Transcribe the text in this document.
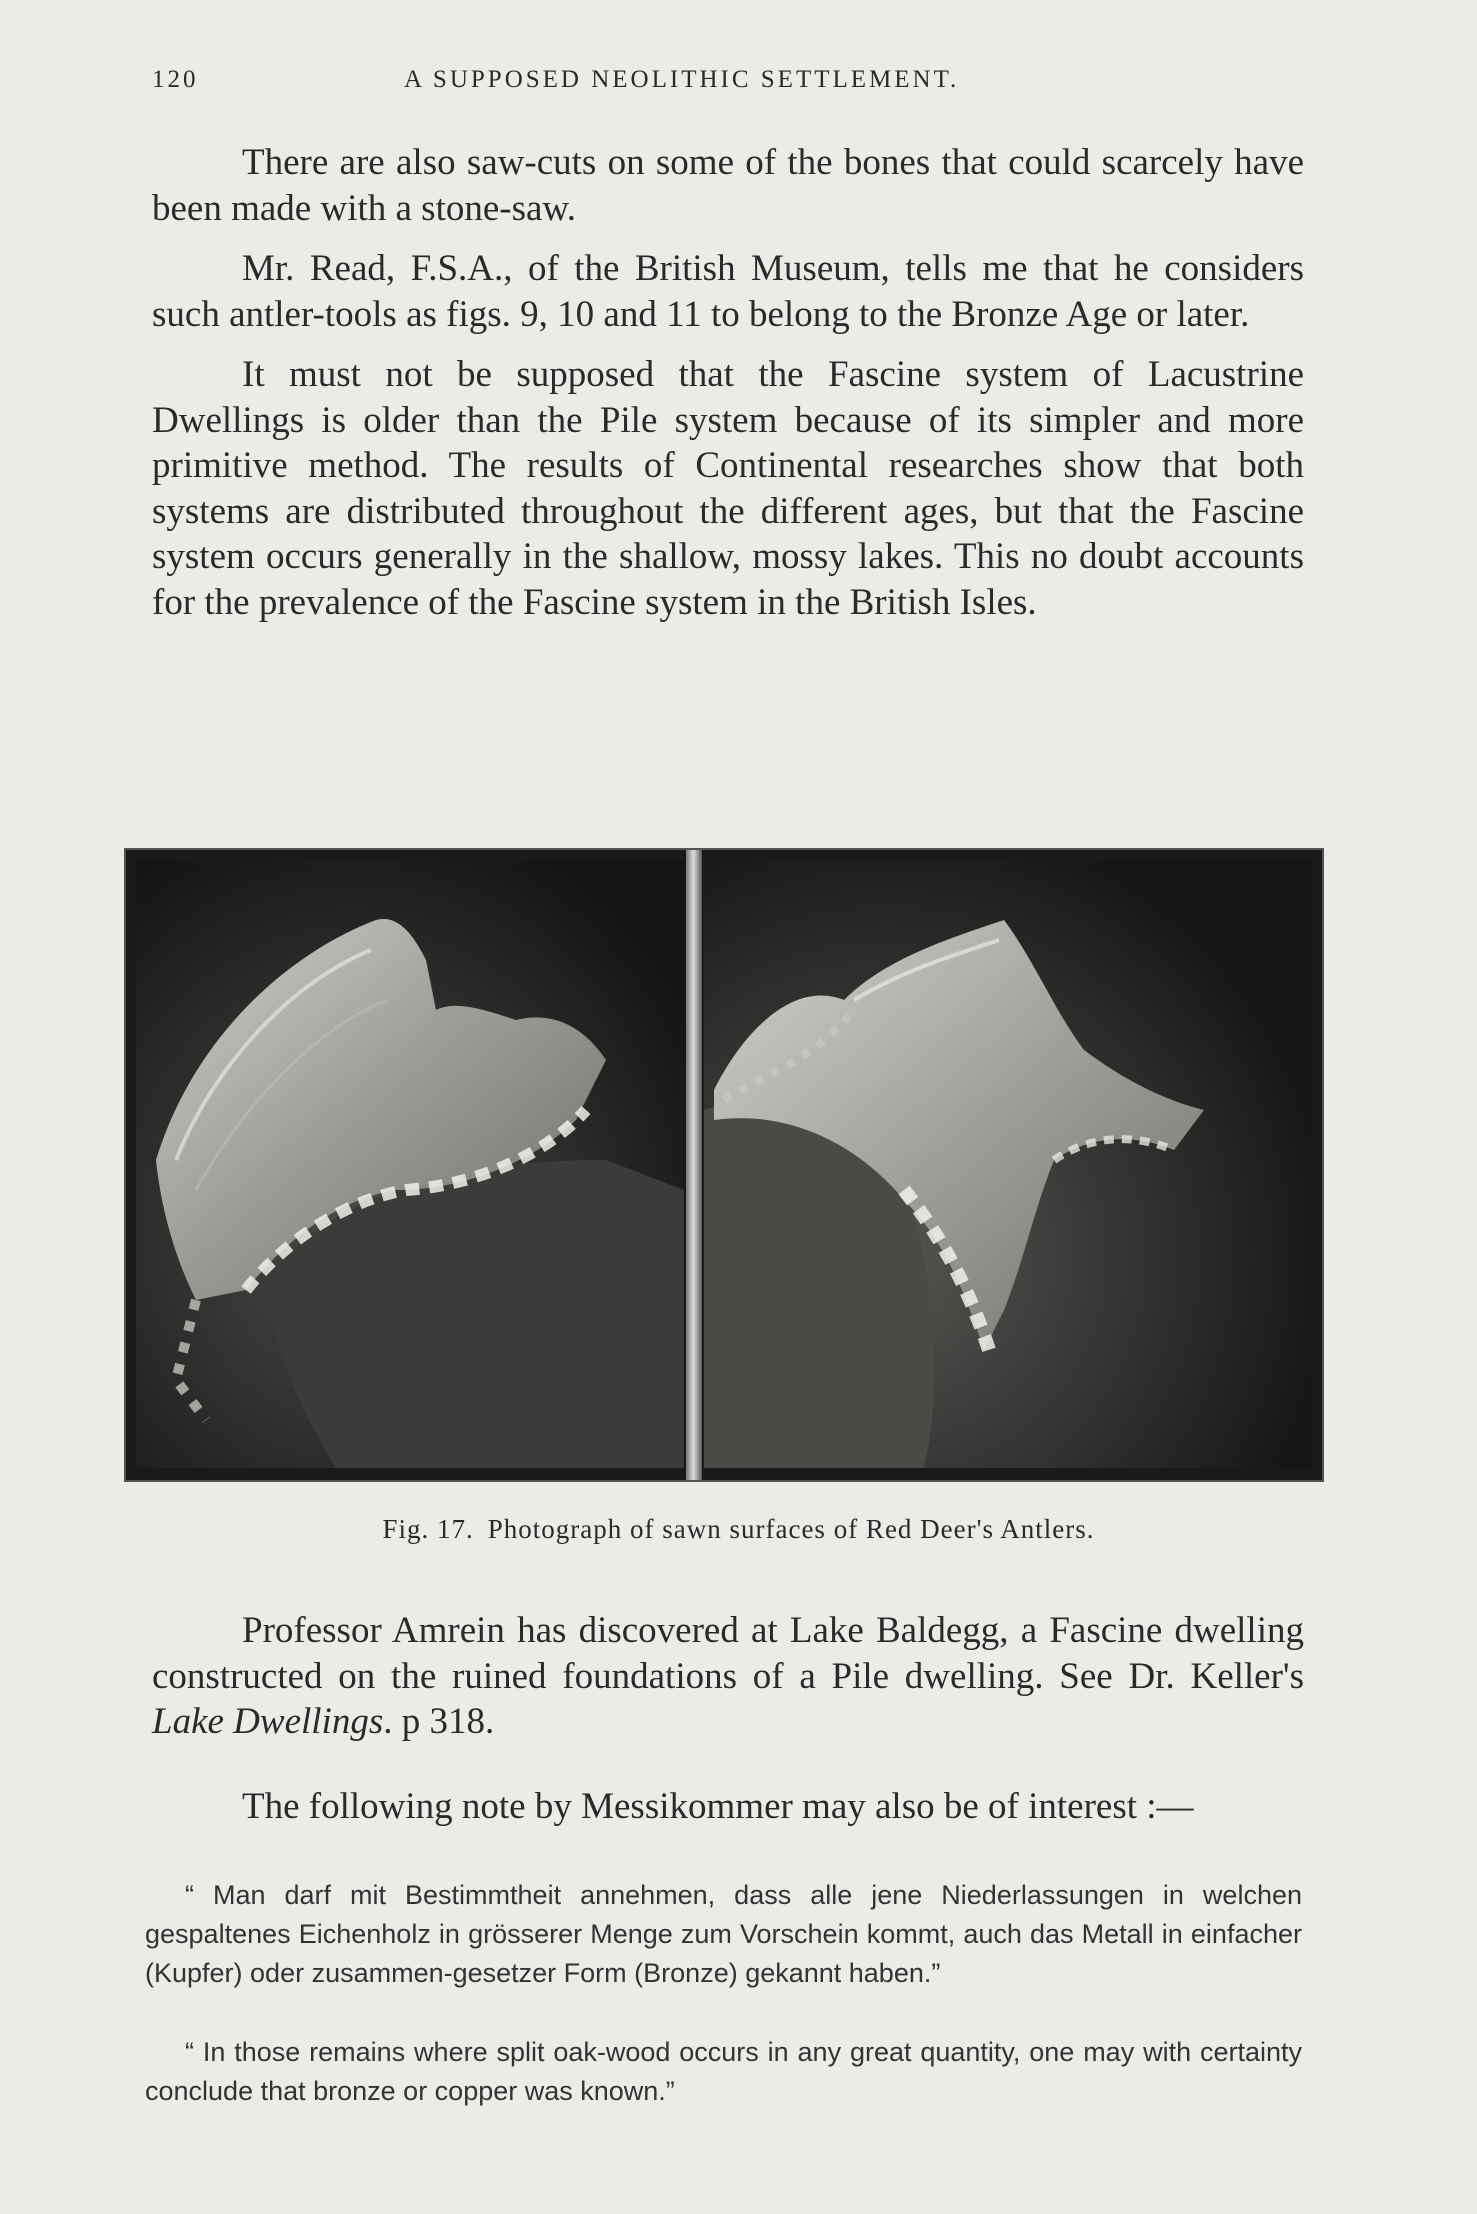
120	A SUPPOSED NEOLITHIC SETTLEMENT.

There are also saw-cuts on some of the bones that could scarcely have been made with a stone-saw.

Mr. Read, F.S.A., of the British Museum, tells me that he considers such antler-tools as figs. 9, 10 and 11 to belong to the Bronze Age or later.

It must not be supposed that the Fascine system of Lacustrine Dwellings is older than the Pile system because of its simpler and more primitive method. The results of Continental researches show that both systems are distributed throughout the different ages, but that the Fascine system occurs generally in the shallow, mossy lakes. This no doubt accounts for the prevalence of the Fascine system in the British Isles.

Fig. 17. Photograph of sawn surfaces of Red Deer's Antlers.

Professor Amrein has discovered at Lake Baldegg, a Fascine dwelling constructed on the ruined foundations of a Pile dwelling. See Dr. Keller's Lake Dwellings. p 318.

The following note by Messikommer may also be of interest :—

“ Man darf mit Bestimmtheit annehmen, dass alle jene Niederlassungen in welchen gespaltenes Eichenholz in grösserer Menge zum Vorschein kommt, auch das Metall in einfacher (Kupfer) oder zusammen-gesetzer Form (Bronze) gekannt haben.”

“ In those remains where split oak-wood occurs in any great quantity, one may with certainty conclude that bronze or copper was known.”
